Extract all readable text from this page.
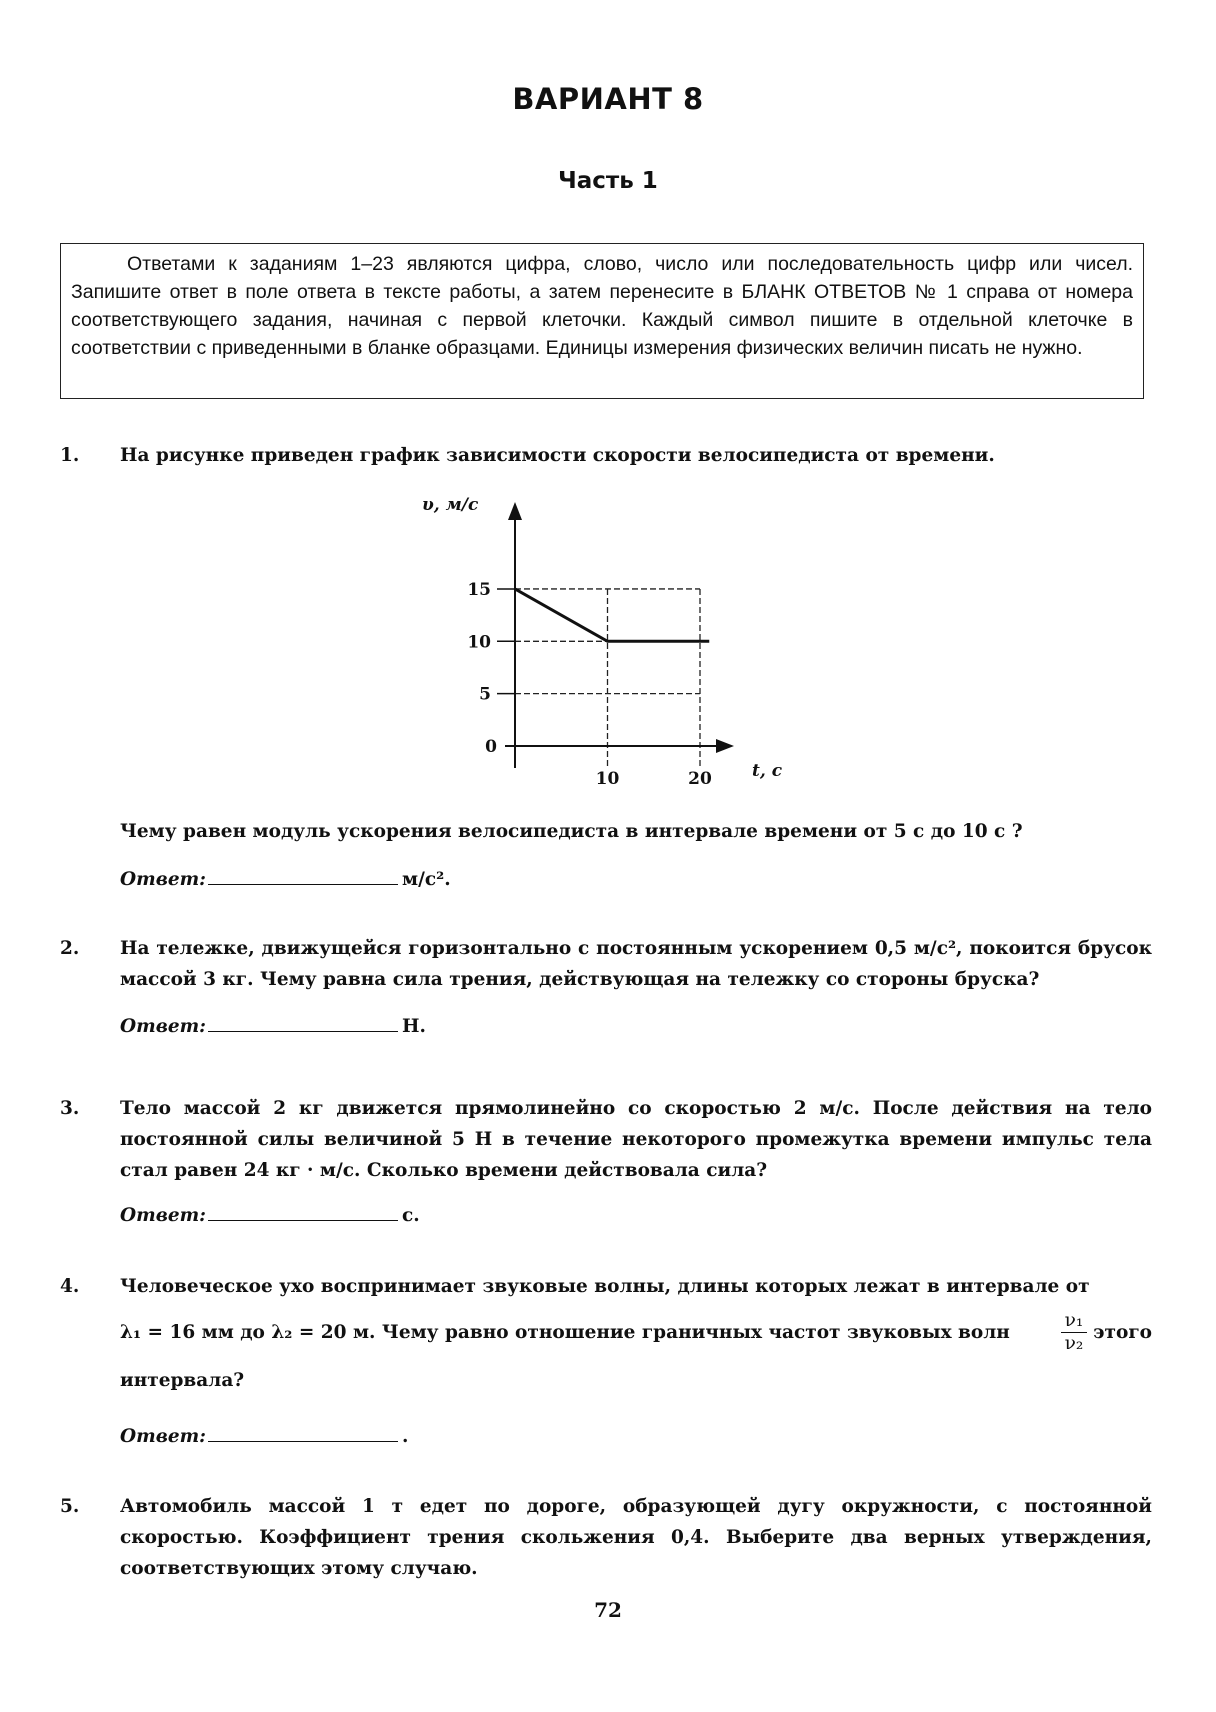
ВАРИАНТ 8
Часть 1

Ответами к заданиям 1–23 являются цифра, слово, число или последовательность цифр или чисел. Запишите ответ в поле ответа в тексте работы, а затем перенесите в БЛАНК ОТВЕТОВ № 1 справа от номера соответствующего задания, начиная с первой клеточки. Каждый символ пишите в отдельной клеточке в соответствии с приведенными в бланке образцами. Единицы измерения физических величин писать не нужно.

1. На рисунке приведен график зависимости скорости велосипедиста от времени.
0
5
10
15
10	20
υ, м/с
t, с
Чему равен модуль ускорения велосипедиста в интервале времени от 5 с до 10 с ?
Ответ:	м/с².
2. На тележке, движущейся горизонтально с постоянным ускорением 0,5 м/с², покоится брусок массой 3 кг. Чему равна сила трения, действующая на тележку со стороны бруска?
Ответ:	Н.
3. Тело массой 2 кг движется прямолинейно со скоростью 2 м/с. После действия на тело постоянной силы величиной 5 Н в течение некоторого промежутка времени импульс тела стал равен 24 кг · м/с. Сколько времени действовала сила?
Ответ:	с.
4. Человеческое ухо воспринимает звуковые волны, длины которых лежат в интервале от
λ₁ = 16 мм до λ₂ = 20 м. Чему равно отношение граничных частот звуковых волн	$\frac{\text{ν₁}}{\text{ν₂}}$ этого
интервала?
Ответ:	.
5. Автомобиль массой 1 т едет по дороге, образующей дугу окружности, с постоянной скоростью. Коэффициент трения скольжения 0,4. Выберите два верных утверждения, соответствующих этому случаю.
72
